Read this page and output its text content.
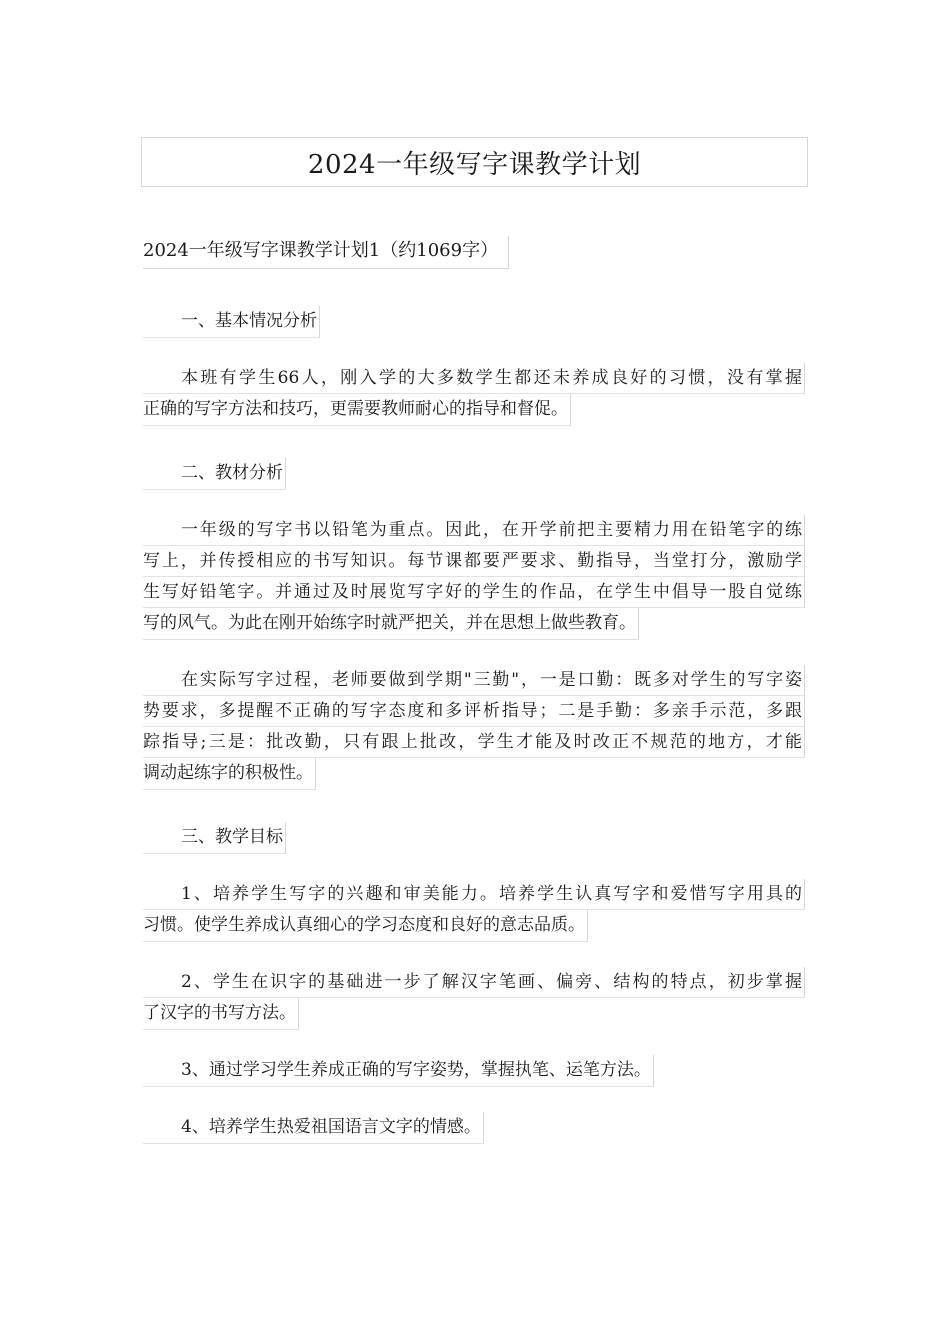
2024一年级写字课教学计划
2024一年级写字课教学计划1（约1069字）
一、基本情况分析
本班有学生66人，刚入学的大多数学生都还未养成良好的习惯，没有掌握
正确的写字方法和技巧，更需要教师耐心的指导和督促。
二、教材分析
一年级的写字书以铅笔为重点。因此，在开学前把主要精力用在铅笔字的练
写上，并传授相应的书写知识。每节课都要严要求、勤指导，当堂打分，激励学
生写好铅笔字。并通过及时展览写字好的学生的作品，在学生中倡导一股自觉练
写的风气。为此在刚开始练字时就严把关，并在思想上做些教育。
在实际写字过程，老师要做到学期"三勤"，一是口勤：既多对学生的写字姿
势要求，多提醒不正确的写字态度和多评析指导；二是手勤：多亲手示范，多跟
踪指导;三是：批改勤，只有跟上批改，学生才能及时改正不规范的地方，才能
调动起练字的积极性。
三、教学目标
1、培养学生写字的兴趣和审美能力。培养学生认真写字和爱惜写字用具的
习惯。使学生养成认真细心的学习态度和良好的意志品质。
2、学生在识字的基础进一步了解汉字笔画、偏旁、结构的特点，初步掌握
了汉字的书写方法。
3、通过学习学生养成正确的写字姿势，掌握执笔、运笔方法。
4、培养学生热爱祖国语言文字的情感。
